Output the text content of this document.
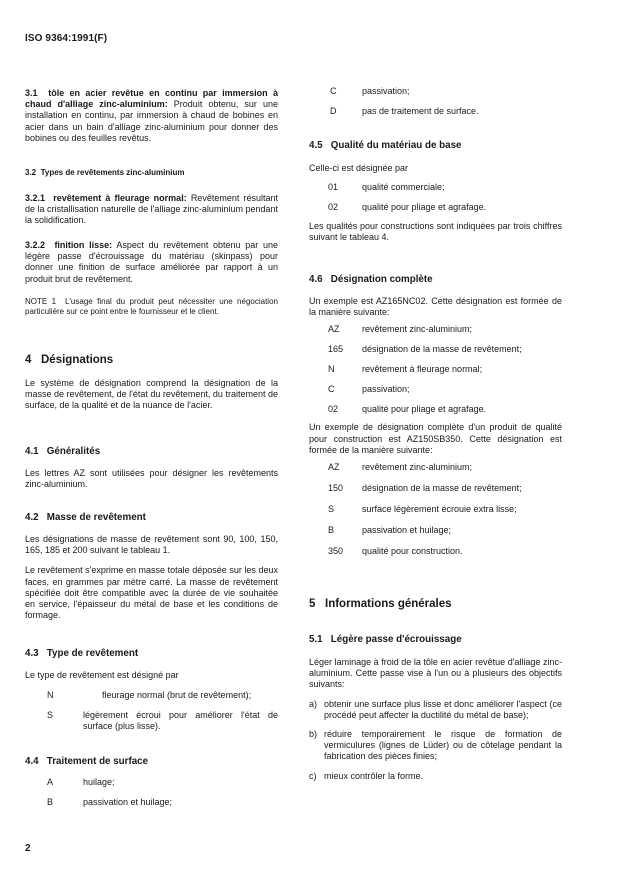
ISO 9364:1991(F)

3.1 tôle en acier revêtue en continu par immersion à chaud d'alliage zinc-aluminium: Produit obtenu, sur une installation en continu, par immersion à chaud de bobines en acier dans un bain d'alliage zinc-aluminium pour donner des bobines ou des feuilles revêtus.

3.2 Types de revêtements zinc-aluminium

3.2.1 revêtement à fleurage normal: Revêtement résultant de la cristallisation naturelle de l'alliage zinc-aluminium pendant la solidification.

3.2.2 finition lisse: Aspect du revêtement obtenu par une légère passe d'écrouissage du matériau (skinpass) pour donner une finition de surface améliorée par rapport à un produit brut de revêtement.

NOTE 1 L'usage final du produit peut nécessiter une négociation particulière sur ce point entre le fournisseur et le client.

4 Désignations

Le système de désignation comprend la désignation de la masse de revêtement, de l'état du revêtement, du traitement de surface, de la qualité et de la nuance de l'acier.

4.1 Généralités

Les lettres AZ sont utilisées pour désigner les revêtements zinc-aluminium.

4.2 Masse de revêtement

Les désignations de masse de revêtement sont 90, 100, 150, 165, 185 et 200 suivant le tableau 1.

Le revêtement s'exprime en masse totale déposée sur les deux faces, en grammes par mètre carré. La masse de revêtement spécifiée doit être compatible avec la durée de vie souhaitée en service, l'épaisseur du métal de base et les conditions de formage.

4.3 Type de revêtement

Le type de revêtement est désigné par

N	fleurage normal (brut de revêtement);
S	légèrement écroui pour améliorer l'état de surface (plus lisse).
4.4 Traitement de surface
A	huilage;
B	passivation et huilage;
C	passivation;
D	pas de traitement de surface.
4.5 Qualité du matériau de base

Celle-ci est désignée par

01	qualité commerciale;
02	qualité pour pliage et agrafage.

Les qualités pour constructions sont indiquées par trois chiffres suivant le tableau 4.

4.6 Désignation complète

Un exemple est AZ165NC02. Cette désignation est formée de la manière suivante:

AZ revêtement zinc-aluminium;
165 désignation de la masse de revêtement;
N	revêtement à fleurage normal;
C	passivation;
02	qualité pour pliage et agrafage.

Un exemple de désignation complète d'un produit de qualité pour construction est AZ150SB350. Cette désignation est formée de la manière suivante:

AZ revêtement zinc-aluminium;
150 désignation de la masse de revêtement;
S	surface légèrement écrouie extra lisse;
B	passivation et huilage;
350 qualité pour construction.
5 Informations générales
5.1 Légère passe d'écrouissage

Léger laminage à froid de la tôle en acier revêtue d'alliage zinc-aluminium. Cette passe vise à l'un ou à plusieurs des objectifs suivants:

a) obtenir une surface plus lisse et donc améliorer l'aspect (ce procédé peut affecter la ductilité du métal de base);
b) réduire temporairement le risque de formation de vermiculures (lignes de Lüder) ou de côtelage pendant la fabrication des pièces finies;
c) mieux contrôler la forme.
2
